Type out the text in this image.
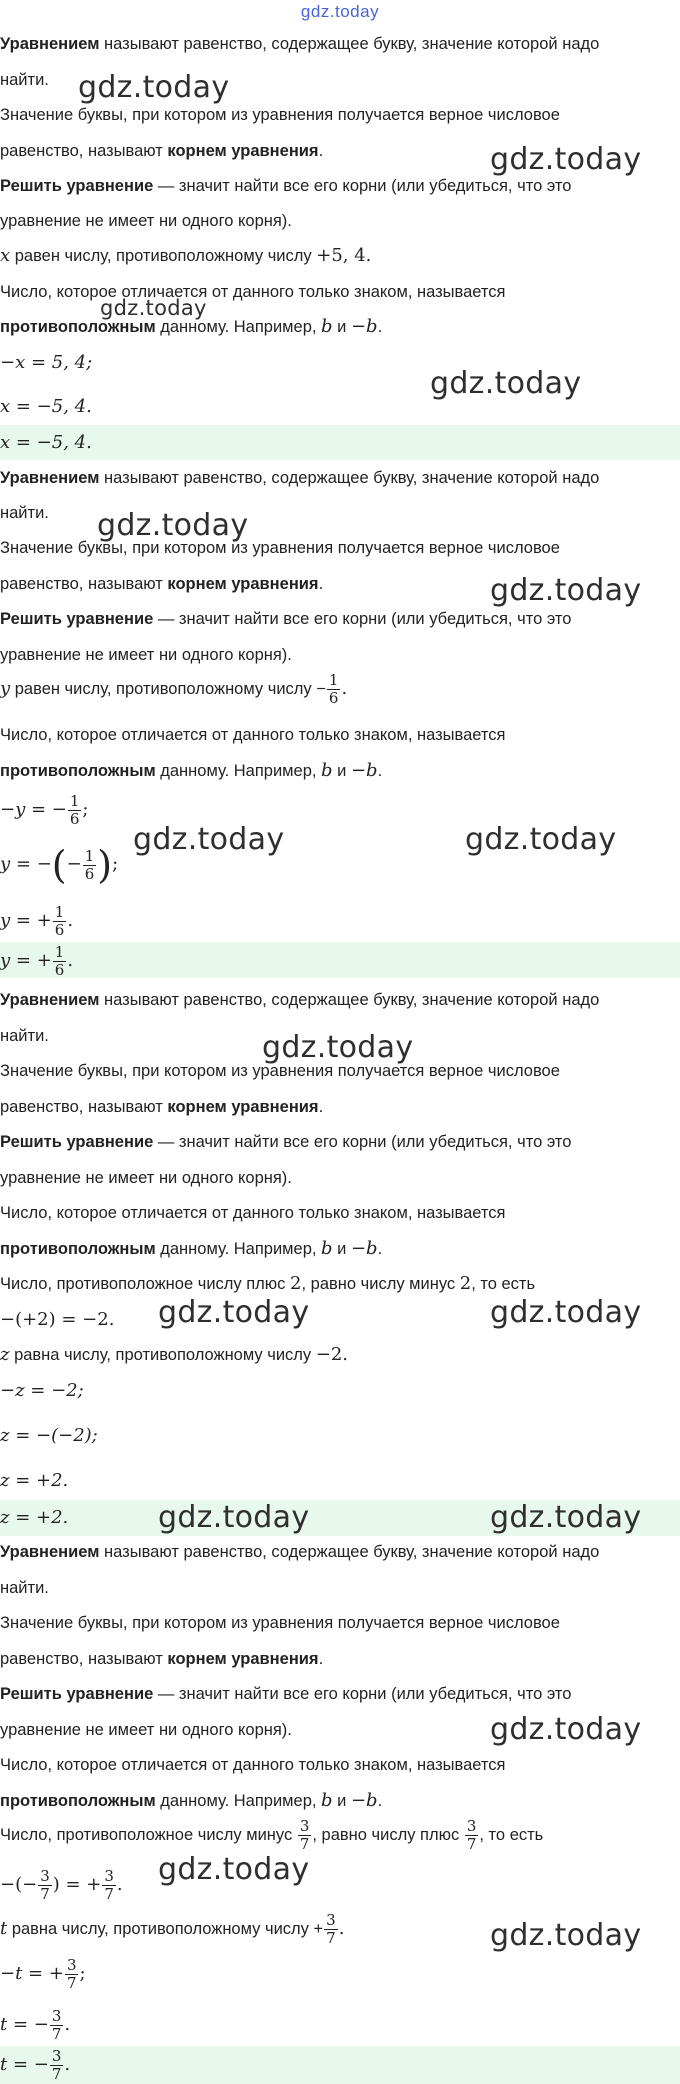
gdz.today
Уравнением называют равенство, содержащее букву, значение которой надо
найти.
Значение буквы, при котором из уравнения получается верное числовое
равенство, называют корнем уравнения.
Решить уравнение — значит найти все его корни (или убедиться, что это
уравнение не имеет ни одного корня).
x равен числу, противоположному числу +5, 4.
Число, которое отличается от данного только знаком, называется
противоположным данному. Например, b и −b.
−x = 5, 4;
x = −5, 4.
x = −5, 4.
Уравнением называют равенство, содержащее букву, значение которой надо
найти.
Значение буквы, при котором из уравнения получается верное числовое
равенство, называют корнем уравнения.
Решить уравнение — значит найти все его корни (или убедиться, что это
уравнение не имеет ни одного корня).
y равен числу, противоположному числу − $\frac{1}{6}$ .
Число, которое отличается от данного только знаком, называется
противоположным данному. Например, b и −b.
−y = − $\frac{1}{6}$ ;
y = −(− $\frac{1}{6}$ );
y = + $\frac{1}{6}$ .
y = + $\frac{1}{6}$ .
Уравнением называют равенство, содержащее букву, значение которой надо
найти.
Значение буквы, при котором из уравнения получается верное числовое
равенство, называют корнем уравнения.
Решить уравнение — значит найти все его корни (или убедиться, что это
уравнение не имеет ни одного корня).
Число, которое отличается от данного только знаком, называется
противоположным данному. Например, b и −b.
Число, противоположное числу плюс 2, равно числу минус 2, то есть
−(+2) = −2.
z равна числу, противоположному числу −2.
−z = −2;
z = −(−2);
z = +2.
z = +2.
Уравнением называют равенство, содержащее букву, значение которой надо
найти.
Значение буквы, при котором из уравнения получается верное числовое
равенство, называют корнем уравнения.
Решить уравнение — значит найти все его корни (или убедиться, что это
уравнение не имеет ни одного корня).
Число, которое отличается от данного только знаком, называется
противоположным данному. Например, b и −b.
Число, противоположное числу минус $\frac{3}{7}$ , равно числу плюс $\frac{3}{7}$ , то есть
−(− $\frac{3}{7}$ ) = + $\frac{3}{7}$ .
t равна числу, противоположному числу + $\frac{3}{7}$ .
−t = + $\frac{3}{7}$ ;
t = − $\frac{3}{7}$ .
t = − $\frac{3}{7}$ .
gdz.today
gdz.today
gdz.today
gdz.today
gdz.today
gdz.today
gdz.today	gdz.today
gdz.today
gdz.today	gdz.today
gdz.today	gdz.today
gdz.today
gdz.today
gdz.today
